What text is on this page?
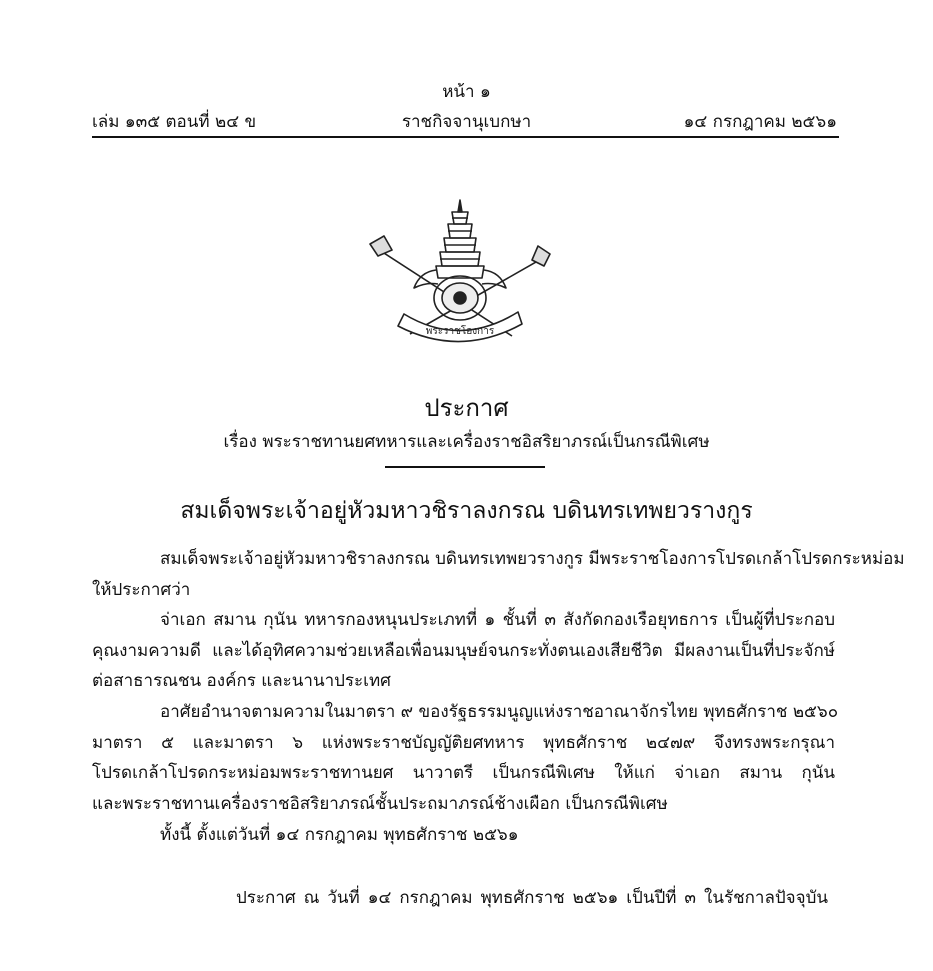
หน้า ๑
เล่ม ๑๓๕ ตอนที่ ๒๔ ข	ราชกิจจานุเบกษา	๑๔ กรกฎาคม ๒๕๖๑
พระราชโองการ
ประกาศ
เรื่อง พระราชทานยศทหารและเครื่องราชอิสริยาภรณ์เป็นกรณีพิเศษ
สมเด็จพระเจ้าอยู่หัวมหาวชิราลงกรณ บดินทรเทพยวรางกูร
สมเด็จพระเจ้าอยู่หัวมหาวชิราลงกรณ บดินทรเทพยวรางกูร มีพระราชโองการโปรดเกล้าโปรดกระหม่อม
ให้ประกาศว่า
จ่าเอก สมาน กุนัน ทหารกองหนุนประเภทที่ ๑ ชั้นที่ ๓ สังกัดกองเรือยุทธการ เป็นผู้ที่ประกอบ
คุณงามความดี และได้อุทิศความช่วยเหลือเพื่อนมนุษย์จนกระทั่งตนเองเสียชีวิต มีผลงานเป็นที่ประจักษ์
ต่อสาธารณชน องค์กร และนานาประเทศ
อาศัยอำนาจตามความในมาตรา ๙ ของรัฐธรรมนูญแห่งราชอาณาจักรไทย พุทธศักราช ๒๕๖๐
มาตรา ๕ และมาตรา ๖ แห่งพระราชบัญญัติยศทหาร พุทธศักราช ๒๔๗๙ จึงทรงพระกรุณา
โปรดเกล้าโปรดกระหม่อมพระราชทานยศ นาวาตรี เป็นกรณีพิเศษ ให้แก่ จ่าเอก สมาน กุนัน
และพระราชทานเครื่องราชอิสริยาภรณ์ชั้นประถมาภรณ์ช้างเผือก เป็นกรณีพิเศษ
ทั้งนี้ ตั้งแต่วันที่ ๑๔ กรกฎาคม พุทธศักราช ๒๕๖๑
ประกาศ ณ วันที่ ๑๔ กรกฎาคม พุทธศักราช ๒๕๖๑ เป็นปีที่ ๓ ในรัชกาลปัจจุบัน
